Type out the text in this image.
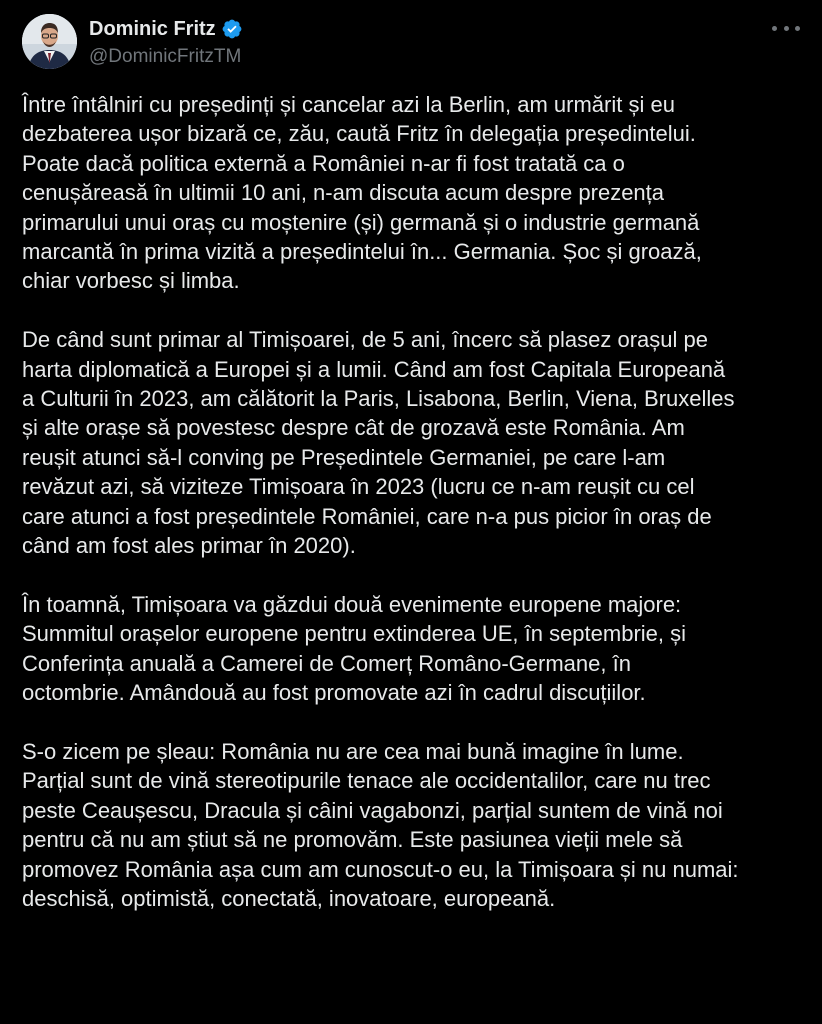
Dominic Fritz
@DominicFritzTM

Între întâlniri cu președinți și cancelar azi la Berlin, am urmărit și eu
dezbaterea ușor bizară ce, zău, caută Fritz în delegația președintelui.
Poate dacă politica externă a României n-ar fi fost tratată ca o
cenușăreasă în ultimii 10 ani, n-am discuta acum despre prezența
primarului unui oraș cu moștenire (și) germană și o industrie germană
marcantă în prima vizită a președintelui în... Germania. Șoc și groază,
chiar vorbesc și limba.

De când sunt primar al Timișoarei, de 5 ani, încerc să plasez orașul pe
harta diplomatică a Europei și a lumii. Când am fost Capitala Europeană
a Culturii în 2023, am călătorit la Paris, Lisabona, Berlin, Viena, Bruxelles
și alte orașe să povestesc despre cât de grozavă este România. Am
reușit atunci să-l conving pe Președintele Germaniei, pe care l-am
revăzut azi, să viziteze Timișoara în 2023 (lucru ce n-am reușit cu cel
care atunci a fost președintele României, care n-a pus picior în oraș de
când am fost ales primar în 2020).

În toamnă, Timișoara va găzdui două evenimente europene majore:
Summitul orașelor europene pentru extinderea UE, în septembrie, și
Conferința anuală a Camerei de Comerț Româno-Germane, în
octombrie. Amândouă au fost promovate azi în cadrul discuțiilor.

S-o zicem pe șleau: România nu are cea mai bună imagine în lume.
Parțial sunt de vină stereotipurile tenace ale occidentalilor, care nu trec
peste Ceaușescu, Dracula și câini vagabonzi, parțial suntem de vină noi
pentru că nu am știut să ne promovăm. Este pasiunea vieții mele să
promovez România așa cum am cunoscut-o eu, la Timișoara și nu numai:
deschisă, optimistă, conectată, inovatoare, europeană.
